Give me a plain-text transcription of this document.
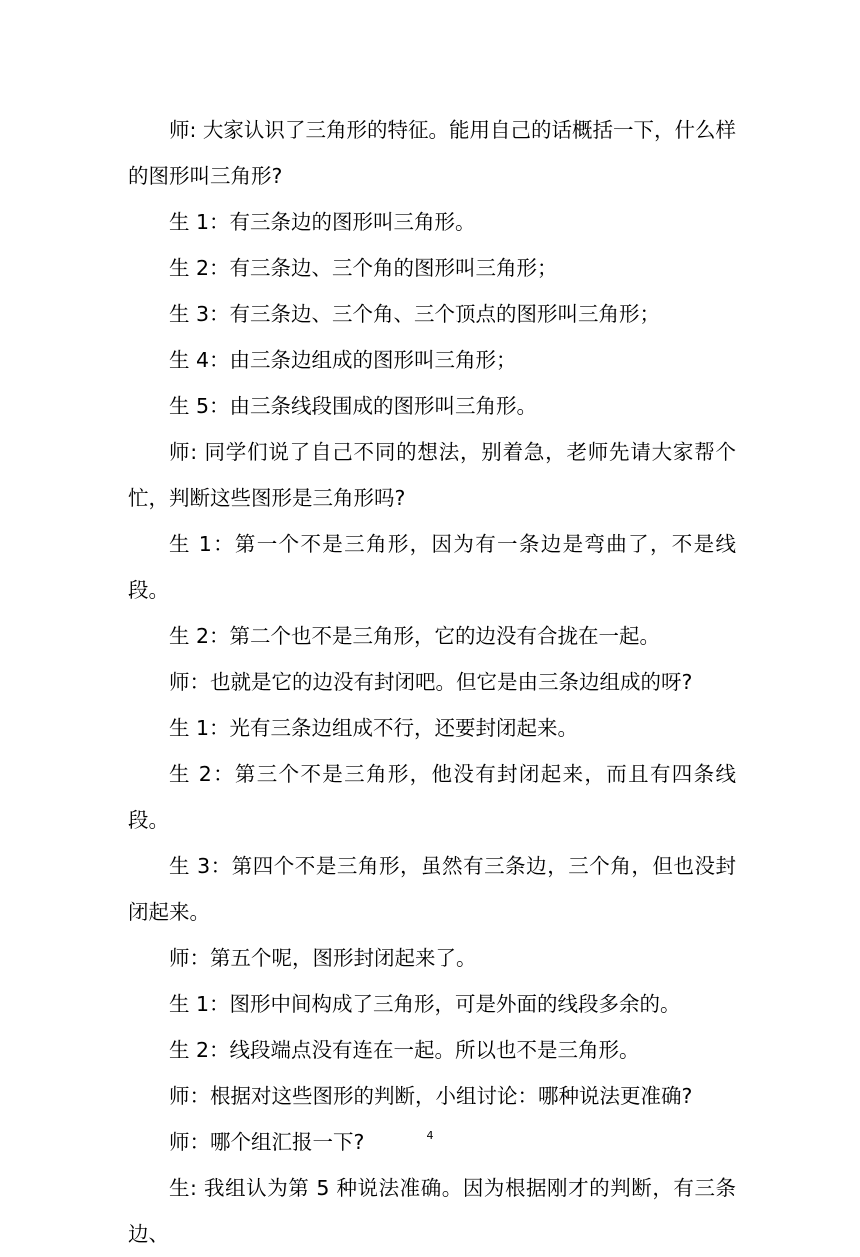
师: 大家认识了三角形的特征。能用自己的话概括一下，什么样的图形叫三角形?

生 1：有三条边的图形叫三角形。

生 2：有三条边、三个角的图形叫三角形；

生 3：有三条边、三个角、三个顶点的图形叫三角形；

生 4：由三条边组成的图形叫三角形；

生 5：由三条线段围成的图形叫三角形。

师: 同学们说了自己不同的想法，别着急，老师先请大家帮个忙，判断这些图形是三角形吗?

生 1：第一个不是三角形，因为有一条边是弯曲了，不是线段。

生 2：第二个也不是三角形，它的边没有合拢在一起。

师：也就是它的边没有封闭吧。但它是由三条边组成的呀?

生 1：光有三条边组成不行，还要封闭起来。

生 2：第三个不是三角形，他没有封闭起来，而且有四条线段。

生 3：第四个不是三角形，虽然有三条边，三个角，但也没封闭起来。

师：第五个呢，图形封闭起来了。

生 1：图形中间构成了三角形，可是外面的线段多余的。

生 2：线段端点没有连在一起。所以也不是三角形。

师：根据对这些图形的判断，小组讨论：哪种说法更准确?

师：哪个组汇报一下?

生: 我组认为第 5 种说法准确。因为根据刚才的判断，有三条边、

4
